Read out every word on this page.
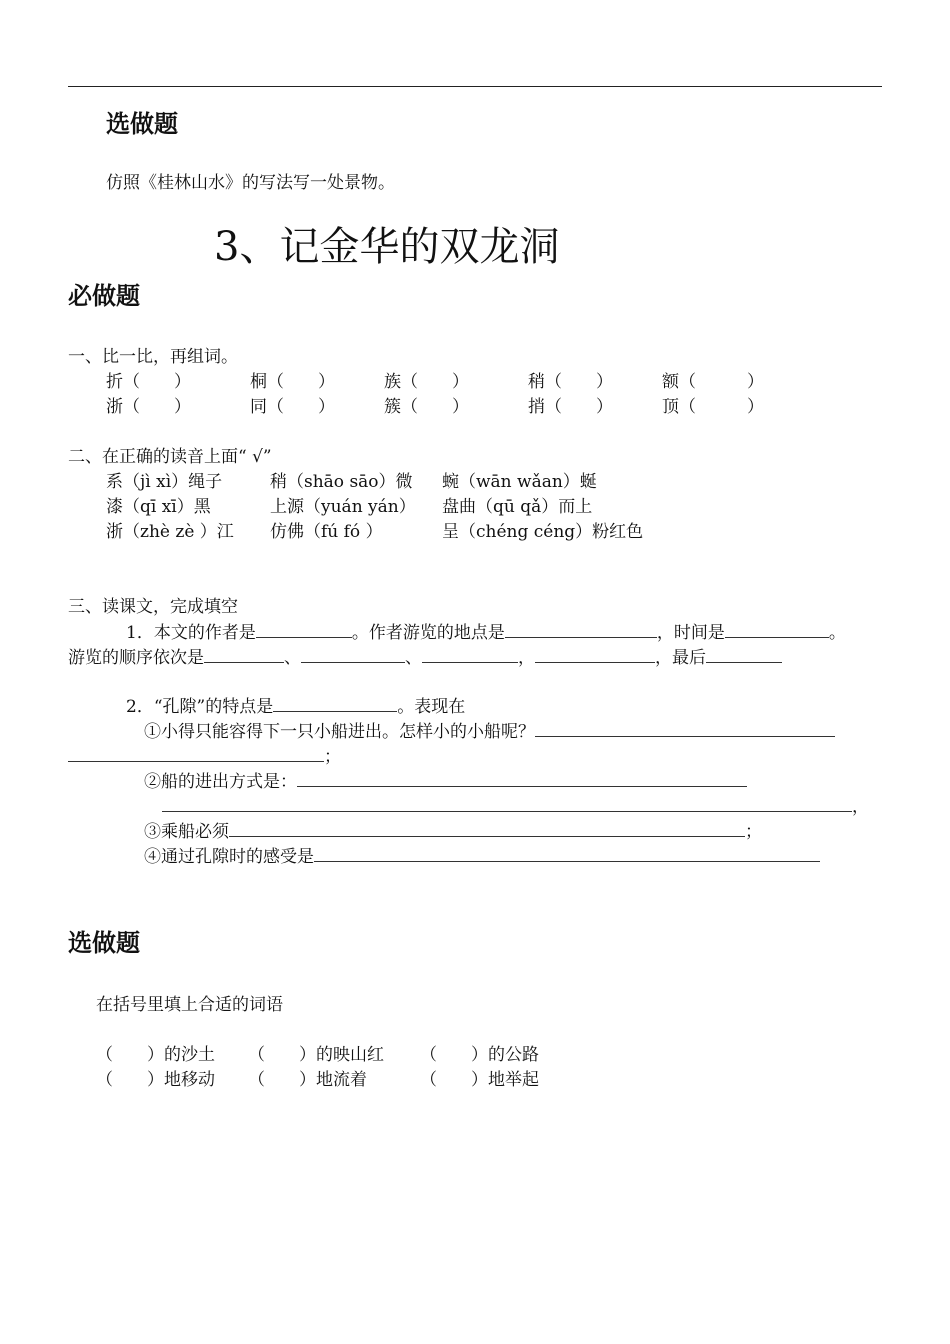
选做题
仿照《桂林山水》的写法写一处景物。
3、记金华的双龙洞
必做题
一、比一比，再组词。
折（　　）	桐（　　）	族（　　）	稍（　　）	额（　　　）
浙（　　）	同（　　）	簇（　　）	捎（　　）	顶（　　　）
二、在正确的读音上面“ √”
系（jì xì）绳子	稍（shāo sāo）微 蜿（wān wǎan）蜒
漆（qī xī）黑	上源（yuán yán） 盘曲（qū qǎ）而上
浙（zhè zè ）江 仿佛（fú fó ）	呈（chéng céng）粉红色
三、读课文，完成填空
1．本文的作者是	。作者游览的地点是	，时间是	。
游览的顺序依次是	、	、	，	，最后
2．“孔隙”的特点是	。表现在
①小得只能容得下一只小船进出。怎样小的小船呢？
；
②船的进出方式是：
，
③乘船必须	；
④通过孔隙时的感受是
选做题
在括号里填上合适的词语
（　　）的沙土 （　　）的映山红 （　　）的公路
（　　）地移动 （　　）地流着	（　　）地举起
